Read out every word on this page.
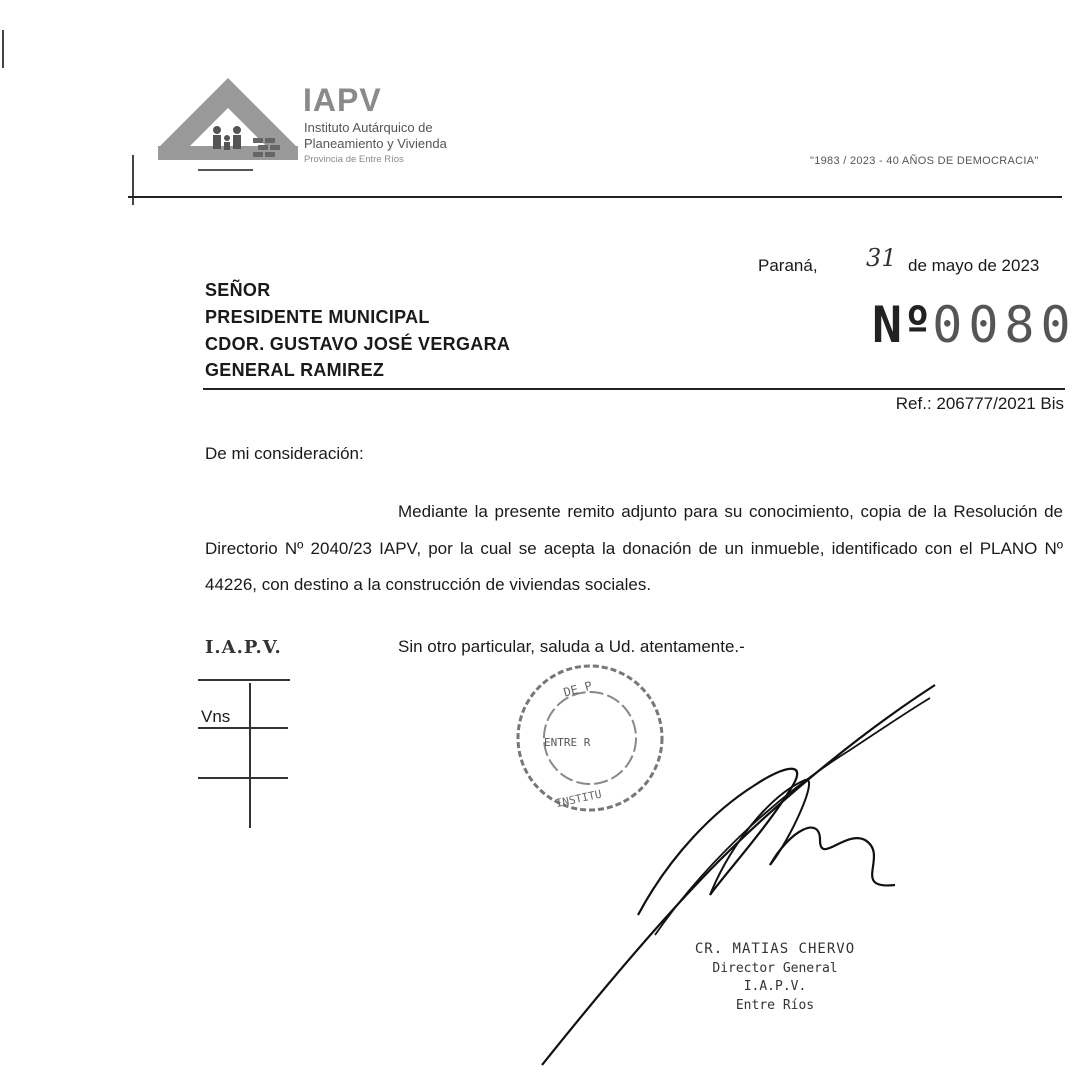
IAPV
Instituto Autárquico de
Planeamiento y Vivienda
Provincia de Entre Ríos	"1983 / 2023 - 40 AÑOS DE DEMOCRACIA"
Paraná, 31 de mayo de 2023
SEÑOR
PRESIDENTE MUNICIPAL
CDOR. GUSTAVO JOSÉ VERGARA
GENERAL RAMIREZ
Nº0080
Ref.: 206777/2021 Bis
De mi consideración:

Mediante la presente remito adjunto para su conocimiento, copia de la Resolución de Directorio Nº 2040/23 IAPV, por la cual se acepta la donación de un inmueble, identificado con el PLANO Nº 44226, con destino a la construcción de viviendas sociales.

I.A.P.V.
Vns
Sin otro particular, saluda a Ud. atentamente.-
DE P
ENTRE R
INSTITU
CR. MATIAS CHERVO
Director General
I.A.P.V.
Entre Ríos
